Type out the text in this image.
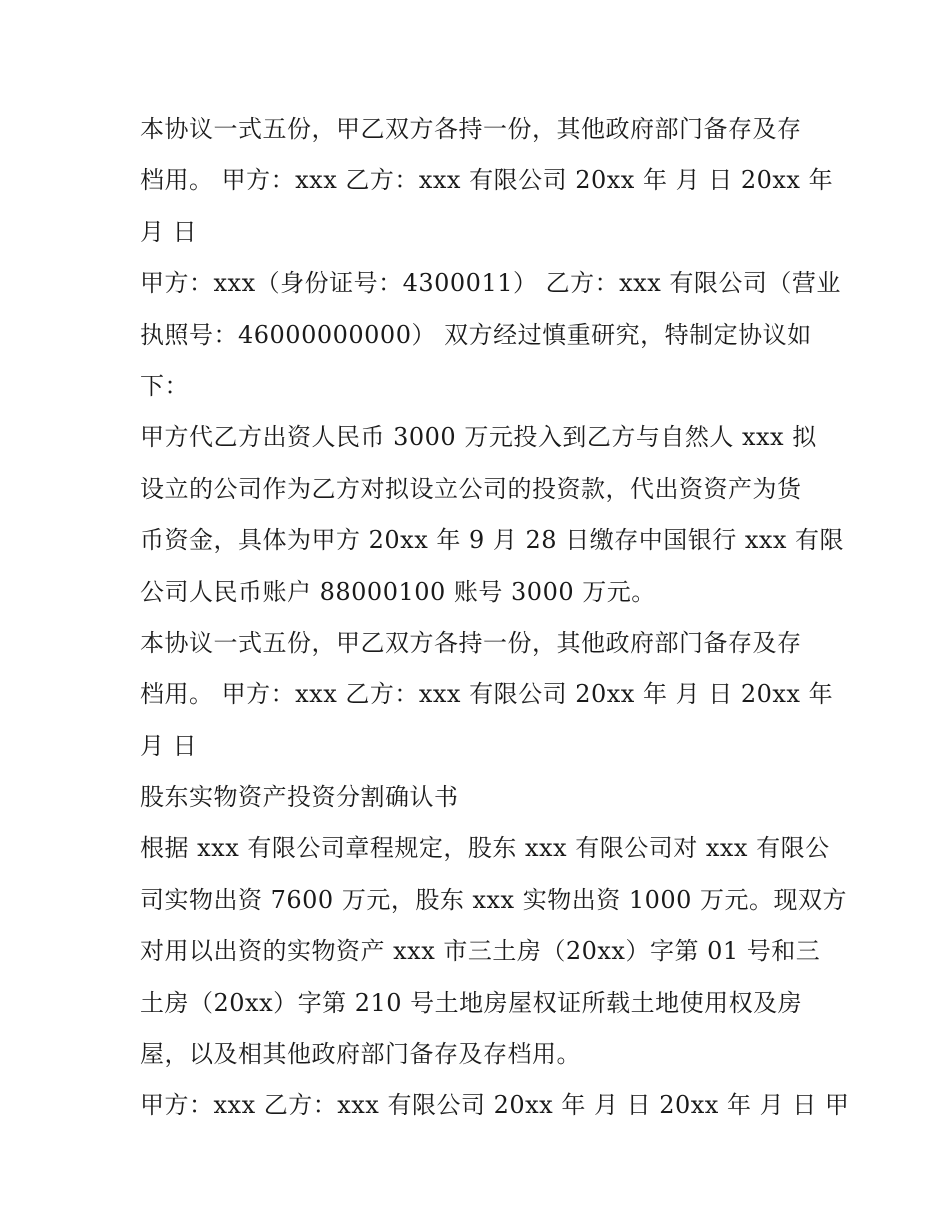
本协议一式五份，甲乙双方各持一份，其他政府部门备存及存
档用。 甲方：xxx 乙方：xxx 有限公司 20xx 年 月 日 20xx 年
月 日
甲方：xxx（身份证号：4300011） 乙方：xxx 有限公司（营业
执照号：46000000000） 双方经过慎重研究，特制定协议如
下：
甲方代乙方出资人民币 3000 万元投入到乙方与自然人 xxx 拟
设立的公司作为乙方对拟设立公司的投资款，代出资资产为货
币资金，具体为甲方 20xx 年 9 月 28 日缴存中国银行 xxx 有限
公司人民币账户 88000100 账号 3000 万元。
本协议一式五份，甲乙双方各持一份，其他政府部门备存及存
档用。 甲方：xxx 乙方：xxx 有限公司 20xx 年 月 日 20xx 年
月 日
股东实物资产投资分割确认书
根据 xxx 有限公司章程规定，股东 xxx 有限公司对 xxx 有限公
司实物出资 7600 万元，股东 xxx 实物出资 1000 万元。现双方
对用以出资的实物资产 xxx 市三土房（20xx）字第 01 号和三
土房（20xx）字第 210 号土地房屋权证所载土地使用权及房
屋，以及相其他政府部门备存及存档用。
甲方：xxx 乙方：xxx 有限公司 20xx 年 月 日 20xx 年 月 日 甲
